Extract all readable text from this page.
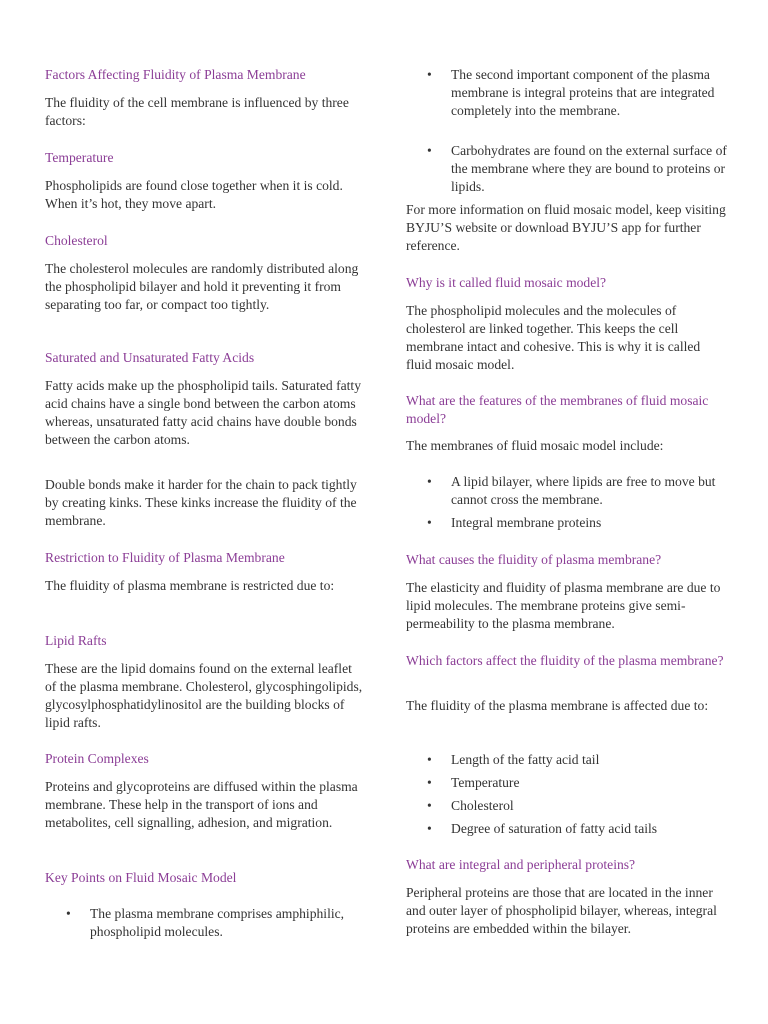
Factors Affecting Fluidity of Plasma Membrane

The fluidity of the cell membrane is influenced by three factors:

Temperature

Phospholipids are found close together when it is cold. When it’s hot, they move apart.

Cholesterol

The cholesterol molecules are randomly distributed along the phospholipid bilayer and hold it preventing it from separating too far, or compact too tightly.

Saturated and Unsaturated Fatty Acids

Fatty acids make up the phospholipid tails. Saturated fatty acid chains have a single bond between the carbon atoms whereas, unsaturated fatty acid chains have double bonds between the carbon atoms.

Double bonds make it harder for the chain to pack tightly by creating kinks. These kinks increase the fluidity of the membrane.

Restriction to Fluidity of Plasma Membrane

The fluidity of plasma membrane is restricted due to:

Lipid Rafts

These are the lipid domains found on the external leaflet of the plasma membrane. Cholesterol, glycosphingolipids, glycosylphosphatidylinositol are the building blocks of lipid rafts.

Protein Complexes

Proteins and glycoproteins are diffused within the plasma membrane. These help in the transport of ions and metabolites, cell signalling, adhesion, and migration.

Key Points on Fluid Mosaic Model
• The plasma membrane comprises amphiphilic, phospholipid molecules.
• The second important component of the plasma membrane is integral proteins that are integrated completely into the membrane.
• Carbohydrates are found on the external surface of the membrane where they are bound to proteins or lipids.

For more information on fluid mosaic model, keep visiting BYJU’S website or download BYJU’S app for further reference.

Why is it called fluid mosaic model?

The phospholipid molecules and the molecules of cholesterol are linked together. This keeps the cell membrane intact and cohesive. This is why it is called fluid mosaic model.

What are the features of the membranes of fluid mosaic model?

The membranes of fluid mosaic model include:

• A lipid bilayer, where lipids are free to move but cannot cross the membrane.
• Integral membrane proteins
What causes the fluidity of plasma membrane?

The elasticity and fluidity of plasma membrane are due to lipid molecules. The membrane proteins give semi-permeability to the plasma membrane.

Which factors affect the fluidity of the plasma membrane?

The fluidity of the plasma membrane is affected due to:

• Length of the fatty acid tail
• Temperature
• Cholesterol
• Degree of saturation of fatty acid tails
What are integral and peripheral proteins?

Peripheral proteins are those that are located in the inner and outer layer of phospholipid bilayer, whereas, integral proteins are embedded within the bilayer.
